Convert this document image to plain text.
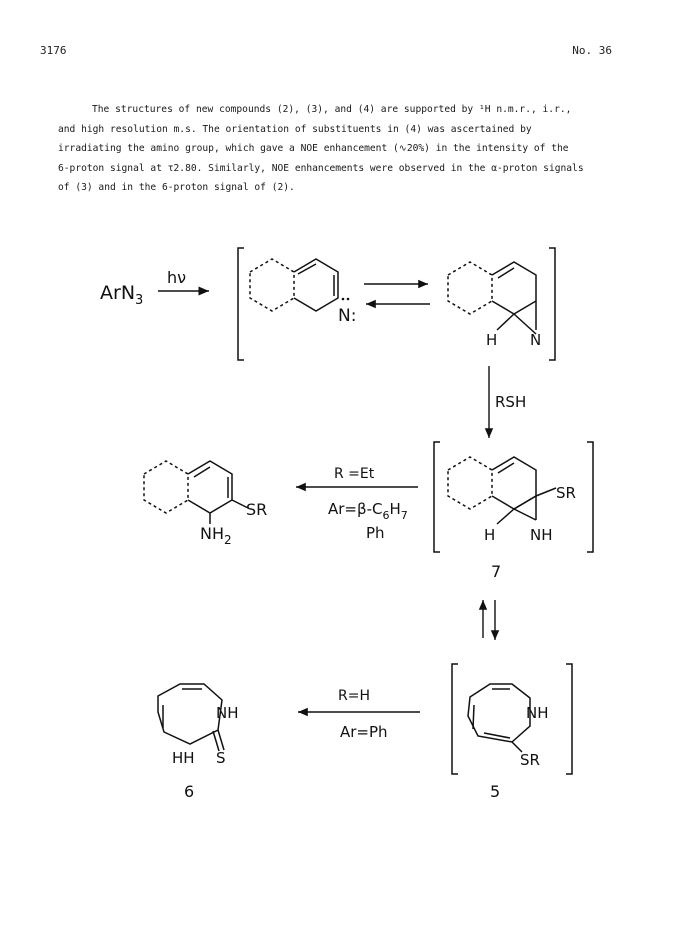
3176	No. 36

The structures of new compounds (2), (3), and (4) are supported by ¹H n.m.r., i.r.,

and high resolution m.s. The orientation of substituents in (4) was ascertained by

irradiating the amino group, which gave a NOE enhancement (∿20%) in the intensity of the

6-proton signal at τ2.80. Similarly, NOE enhancements were observed in the α-proton signals

of (3) and in the 6-proton signal of (2).

ArN$_3$
hν
N:
H N
RSH
SR
H NH
7
R =Et
$Ar=\beta-C_6H_7$
Ph
SR
$NH_2$
NH
SR
5
R=H
Ar=Ph
NH
HH S
6
